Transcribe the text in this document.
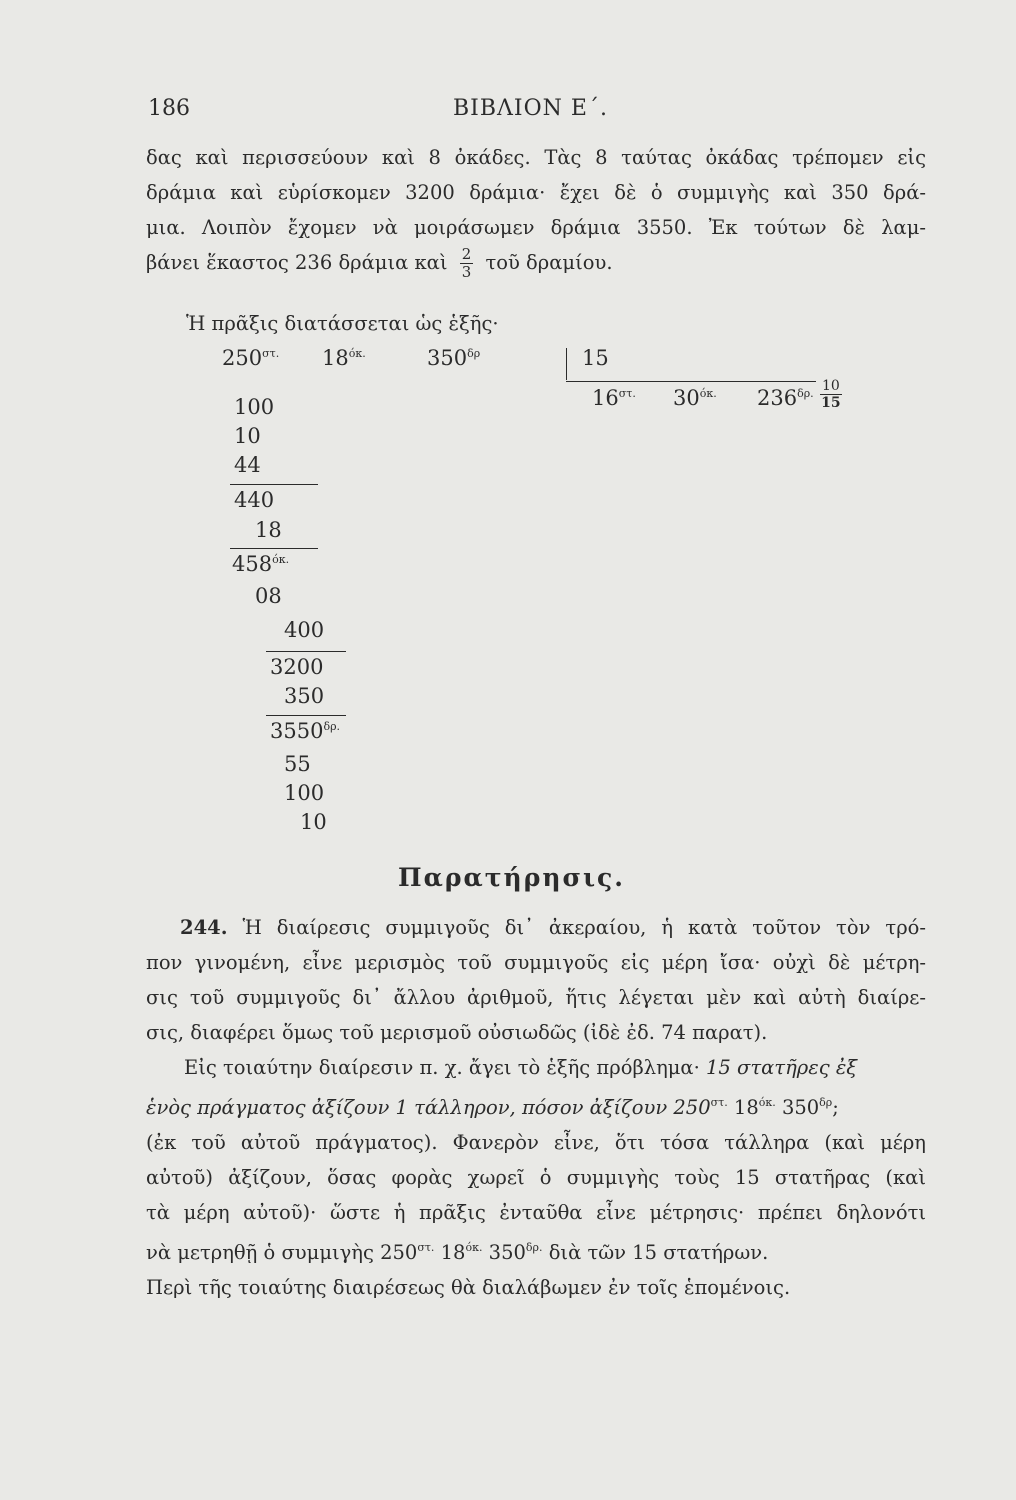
186	ΒΙΒΛΙΟΝ Ε΄.
δας καὶ περισσεύουν καὶ 8 ὀκάδες. Τὰς 8 ταύτας ὀκάδας τρέπομεν εἰς
δράμια καὶ εὑρίσκομεν 3200 δράμια· ἔχει δὲ ὁ συμμιγὴς καὶ 350 δρά-
μια. Λοιπὸν ἔχομεν νὰ μοιράσωμεν δράμια 3550. Ἐκ τούτων δὲ λαμ-
βάνει ἕκαστος 236 δράμια καὶ $\frac{2}{3}$ τοῦ δραμίου.
Ἡ πρᾶξις διατάσσεται ὡς ἑξῆς·
$250^{\sigma\tau.}$ $18^{ό\kappa.}$	$350^{\delta\rho}$	15
$16^{\sigma\tau.}$ $30^{ό\kappa.}$ $236^{\delta\rho.} \frac{10}{15}$
100
10
44
440
18
$458^{ό\kappa.}$
08
400
3200
350
$3550^{\delta\rho.}$
55
100
10
Παρατήρησις.
244. Ἡ διαίρεσις συμμιγοῦς δι᾽ ἀκεραίου, ἡ κατὰ τοῦτον τὸν τρό-
πον γινομένη, εἶνε μερισμὸς τοῦ συμμιγοῦς εἰς μέρη ἴσα· οὐχὶ δὲ μέτρη-
σις τοῦ συμμιγοῦς δι᾽ ἄλλου ἀριθμοῦ, ἥτις λέγεται μὲν καὶ αὐτὴ διαίρε-
σις, διαφέρει ὅμως τοῦ μερισμοῦ οὐσιωδῶς (ἰδὲ ἐδ. 74 παρατ).
Εἰς τοιαύτην διαίρεσιν π. χ. ἄγει τὸ ἑξῆς πρόβλημα· 15 στατῆρες ἐξ
ἑνὸς πράγματος ἀξίζουν 1 τάλληρον, πόσον ἀξίζουν $250^{\sigma\tau.}$ $18^{ό\kappa.}$ $350^{\delta\rho}$;
(ἐκ τοῦ αὐτοῦ πράγματος). Φανερὸν εἶνε, ὅτι τόσα τάλληρα (καὶ μέρη
αὐτοῦ) ἀξίζουν, ὅσας φορὰς χωρεῖ ὁ συμμιγὴς τοὺς 15 στατῆρας (καὶ
τὰ μέρη αὐτοῦ)· ὥστε ἡ πρᾶξις ἐνταῦθα εἶνε μέτρησις· πρέπει δηλονότι
νὰ μετρηθῇ ὁ συμμιγὴς $250^{\sigma\tau.}$ $18^{ό\kappa.}$ $350^{\delta\rho.}$ διὰ τῶν 15 στατήρων.
Περὶ τῆς τοιαύτης διαιρέσεως θὰ διαλάβωμεν ἐν τοῖς ἑπομένοις.
